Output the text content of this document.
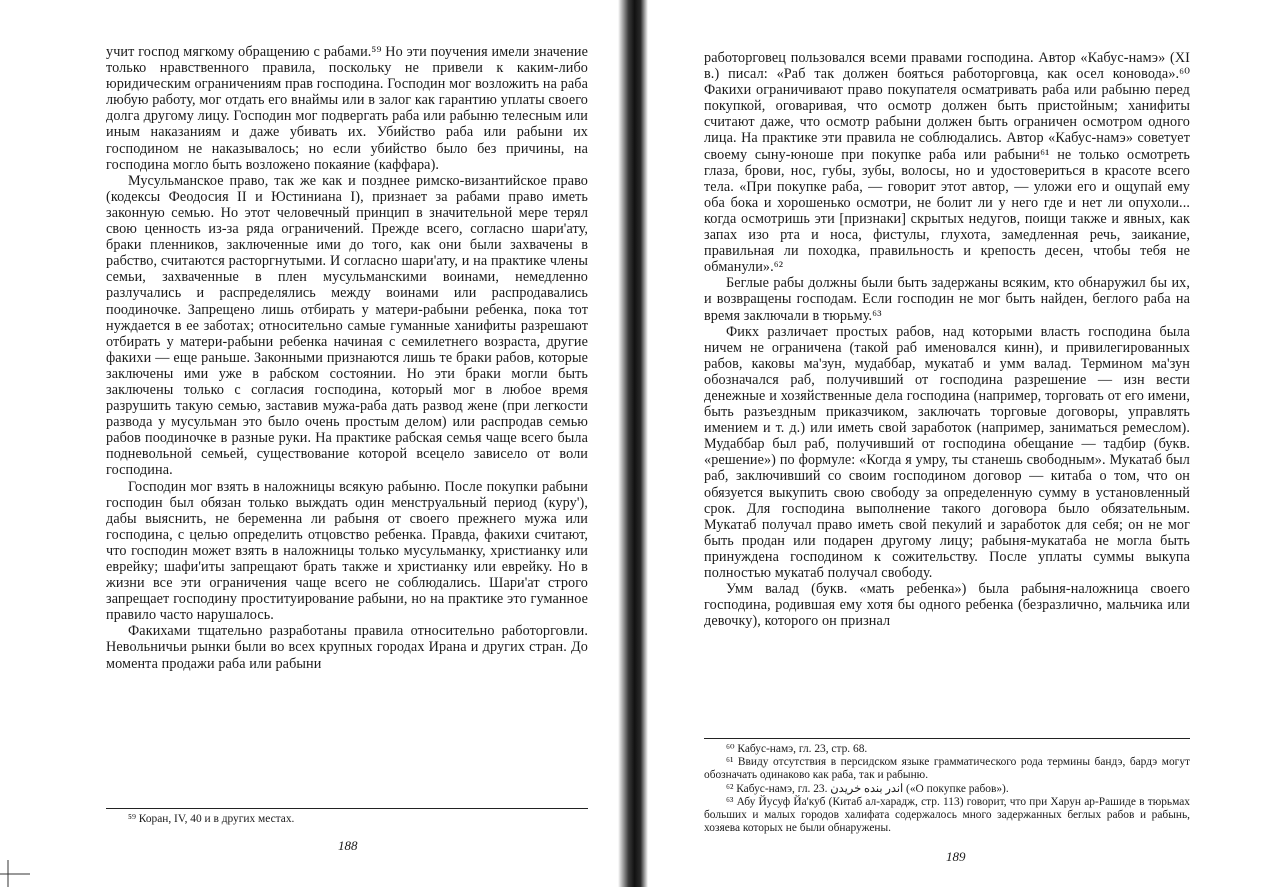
учит господ мягкому обращению с рабами.⁵⁹ Но эти поучения имели значение только нравственного правила, поскольку не привели к каким-либо юридическим ограничениям прав господина. Господин мог возложить на раба любую работу, мог отдать его внаймы или в залог как гарантию уплаты своего долга другому лицу. Господин мог подвергать раба или рабыню телесным или иным наказаниям и даже убивать их. Убийство раба или рабыни их господином не наказывалось; но если убийство было без причины, на господина могло быть возложено покаяние (каффара).

Мусульманское право, так же как и позднее римско-византийское право (кодексы Феодосия II и Юстиниана I), признает за рабами право иметь законную семью. Но этот человечный принцип в значительной мере терял свою ценность из-за ряда ограничений. Прежде всего, согласно шари'ату, браки пленников, заключенные ими до того, как они были захвачены в рабство, считаются расторгнутыми. И согласно шари'ату, и на практике члены семьи, захваченные в плен мусульманскими воинами, немедленно разлучались и распределялись между воинами или распродавались поодиночке. Запрещено лишь отбирать у матери-рабыни ребенка, пока тот нуждается в ее заботах; относительно самые гуманные ханифиты разрешают отбирать у матери-рабыни ребенка начиная с семилетнего возраста, другие факихи — еще раньше. Законными признаются лишь те браки рабов, которые заключены ими уже в рабском состоянии. Но эти браки могли быть заключены только с согласия господина, который мог в любое время разрушить такую семью, заставив мужа-раба дать развод жене (при легкости развода у мусульман это было очень простым делом) или распродав семью рабов поодиночке в разные руки. На практике рабская семья чаще всего была подневольной семьей, существование которой всецело зависело от воли господина.

Господин мог взять в наложницы всякую рабыню. После покупки рабыни господин был обязан только выждать один менструальный период (куру'), дабы выяснить, не беременна ли рабыня от своего прежнего мужа или господина, с целью определить отцовство ребенка. Правда, факихи считают, что господин может взять в наложницы только мусульманку, христианку или еврейку; шафи'иты запрещают брать также и христианку или еврейку. Но в жизни все эти ограничения чаще всего не соблюдались. Шари'ат строго запрещает господину проституирование рабыни, но на практике это гуманное правило часто нарушалось.

Факихами тщательно разработаны правила относительно работорговли. Невольничьи рынки были во всех крупных городах Ирана и других стран. До момента продажи раба или рабыни

⁵⁹ Коран, IV, 40 и в других местах.

188

работорговец пользовался всеми правами господина. Автор «Кабус-намэ» (XI в.) писал: «Раб так должен бояться работорговца, как осел коновода».⁶⁰ Факихи ограничивают право покупателя осматривать раба или рабыню перед покупкой, оговаривая, что осмотр должен быть пристойным; ханифиты считают даже, что осмотр рабыни должен быть ограничен осмотром одного лица. На практике эти правила не соблюдались. Автор «Кабус-намэ» советует своему сыну-юноше при покупке раба или рабыни⁶¹ не только осмотреть глаза, брови, нос, губы, зубы, волосы, но и удостовериться в красоте всего тела. «При покупке раба, — говорит этот автор, — уложи его и ощупай ему оба бока и хорошенько осмотри, не болит ли у него где и нет ли опухоли... когда осмотришь эти [признаки] скрытых недугов, поищи также и явных, как запах изо рта и носа, фистулы, глухота, замедленная речь, заикание, правильная ли походка, правильность и крепость десен, чтобы тебя не обманули».⁶²

Беглые рабы должны были быть задержаны всяким, кто обнаружил бы их, и возвращены господам. Если господин не мог быть найден, беглого раба на время заключали в тюрьму.⁶³

Фикх различает простых рабов, над которыми власть господина была ничем не ограничена (такой раб именовался кинн), и привилегированных рабов, каковы ма'зун, мудаббар, мукатаб и умм валад. Термином ма'зун обозначался раб, получивший от господина разрешение — изн вести денежные и хозяйственные дела господина (например, торговать от его имени, быть разъездным приказчиком, заключать торговые договоры, управлять имением и т. д.) или иметь свой заработок (например, заниматься ремеслом). Мудаббар был раб, получивший от господина обещание — тадбир (букв. «решение») по формуле: «Когда я умру, ты станешь свободным». Мукатаб был раб, заключивший со своим господином договор — китаба о том, что он обязуется выкупить свою свободу за определенную сумму в установленный срок. Для господина выполнение такого договора было обязательным. Мукатаб получал право иметь свой пекулий и заработок для себя; он не мог быть продан или подарен другому лицу; рабыня-мукатаба не могла быть принуждена господином к сожительству. После уплаты суммы выкупа полностью мукатаб получал свободу.

Умм валад (букв. «мать ребенка») была рабыня-наложница своего господина, родившая ему хотя бы одного ребенка (безразлично, мальчика или девочку), которого он признал

⁶⁰ Кабус-намэ, гл. 23, стр. 68.

⁶¹ Ввиду отсутствия в персидском языке грамматического рода термины бандэ, бардэ могут обозначать одинаково как раба, так и рабыню.

⁶² Кабус-намэ, гл. 23. اندر بنده خریدن («О покупке рабов»).

⁶³ Абу Йусуф Йа'куб (Китаб ал-харадж, стр. 113) говорит, что при Харун ар-Рашиде в тюрьмах больших и малых городов халифата содержалось много задержанных беглых рабов и рабынь, хозяева которых не были обнаружены.

189
